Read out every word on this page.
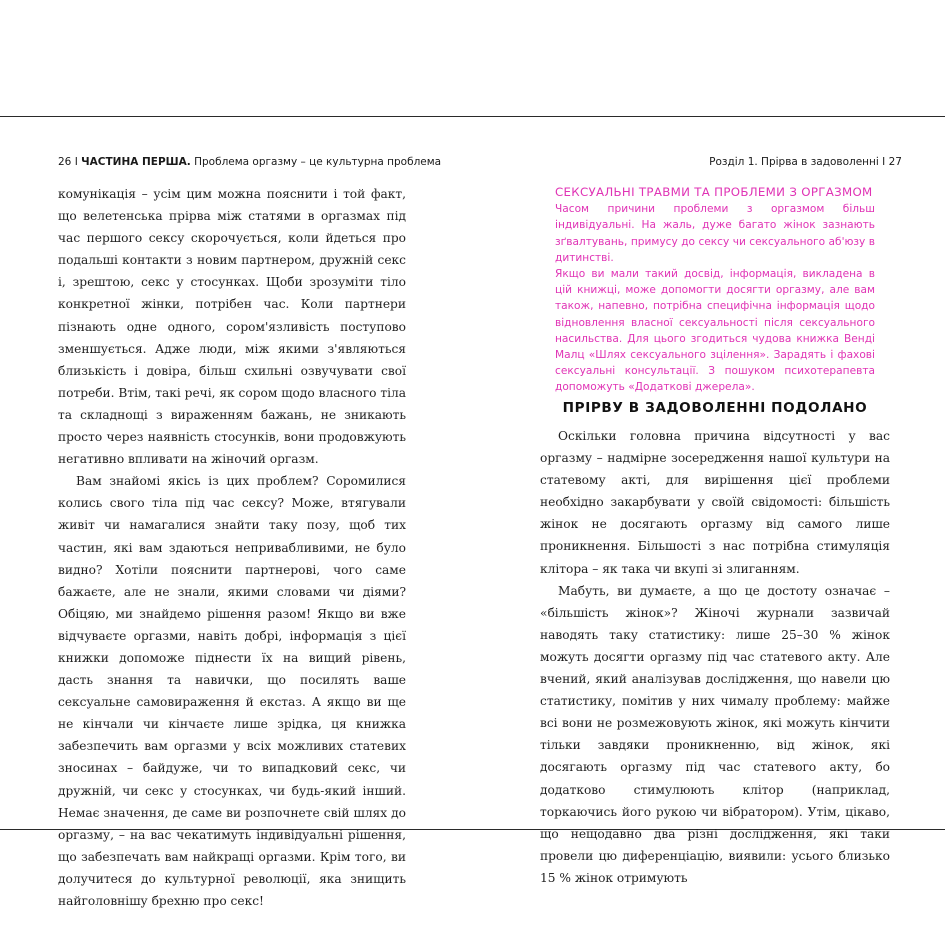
26 I ЧАСТИНА ПЕРША. Проблема оргазму – це культурна проблема	Розділ 1. Прірва в задоволенні I 27

комунікація – усім цим можна пояснити і той факт, що велетенська прірва між статями в оргазмах під час першого сексу скорочується, коли йдеться про подальші контакти з новим партнером, дружній секс і, зрештою, секс у стосунках. Щоби зрозуміти тіло конкретної жінки, потрібен час. Коли партнери пізнають одне одного, сором'язливість поступово зменшується. Адже люди, між якими з'являються близькість і довіра, більш схильні озвучувати свої потреби. Втім, такі речі, як сором щодо власного тіла та складнощі з вираженням бажань, не зникають просто через наявність стосунків, вони продовжують негативно впливати на жіночий оргазм.

Вам знайомі якісь із цих проблем? Соромилися колись свого тіла під час сексу? Може, втягували живіт чи намагалися знайти таку позу, щоб тих частин, які вам здаються непривабливими, не було видно? Хотіли пояснити партнерові, чого саме бажаєте, але не знали, якими словами чи діями? Обіцяю, ми знайдемо рішення разом! Якщо ви вже відчуваєте оргазми, навіть добрі, інформація з цієї книжки допоможе піднести їх на вищий рівень, дасть знання та навички, що посилять ваше сексуальне самовираження й екстаз. А якщо ви ще не кінчали чи кінчаєте лише зрідка, ця книжка забезпечить вам оргазми у всіх можливих статевих зносинах – байдуже, чи то випадковий секс, чи дружній, чи секс у стосунках, чи будь-який інший. Немає значення, де саме ви розпочнете свій шлях до оргазму, – на вас чекатимуть індивідуальні рішення, що забезпечать вам найкращі оргазми. Крім того, ви долучитеся до культурної революції, яка знищить найголовнішу брехню про секс!

СЕКСУАЛЬНІ ТРАВМИ ТА ПРОБЛЕМИ З ОРГАЗМОМ

Часом причини проблеми з оргазмом більш індивідуальні. На жаль, дуже багато жінок зазнають зґвалтувань, примусу до сексу чи сексуального аб'юзу в дитинстві.

Якщо ви мали такий досвід, інформація, викладена в цій книжці, може допомогти досягти оргазму, але вам також, напевно, потрібна специфічна інформація щодо відновлення власної сексуальності після сексуального насильства. Для цього згодиться чудова книжка Венді Малц «Шлях сексуального зцілення». Зарадять і фахові сексуальні консультації. З пошуком психотерапевта допоможуть «Додаткові джерела».

ПРІРВУ В ЗАДОВОЛЕННІ ПОДОЛАНО

Оскільки головна причина відсутності у вас оргазму – надмірне зосередження нашої культури на статевому акті, для вирішення цієї проблеми необхідно закарбувати у своїй свідомості: більшість жінок не досягають оргазму від самого лише проникнення. Більшості з нас потрібна стимуляція клітора – як така чи вкупі зі злиганням.

Мабуть, ви думаєте, а що це достоту означає – «більшість жінок»? Жіночі журнали зазвичай наводять таку статистику: лише 25–30 % жінок можуть досягти оргазму під час статевого акту. Але вчений, який аналізував дослідження, що навели цю статистику, помітив у них чималу проблему: майже всі вони не розмежовують жінок, які можуть кінчити тільки завдяки проникненню, від жінок, які досягають оргазму під час статевого акту, бо додатково стимулюють клітор (наприклад, торкаючись його рукою чи вібратором). Утім, цікаво, що нещодавно два різні дослідження, які таки провели цю диференціацію, виявили: усього близько 15 % жінок отримують
